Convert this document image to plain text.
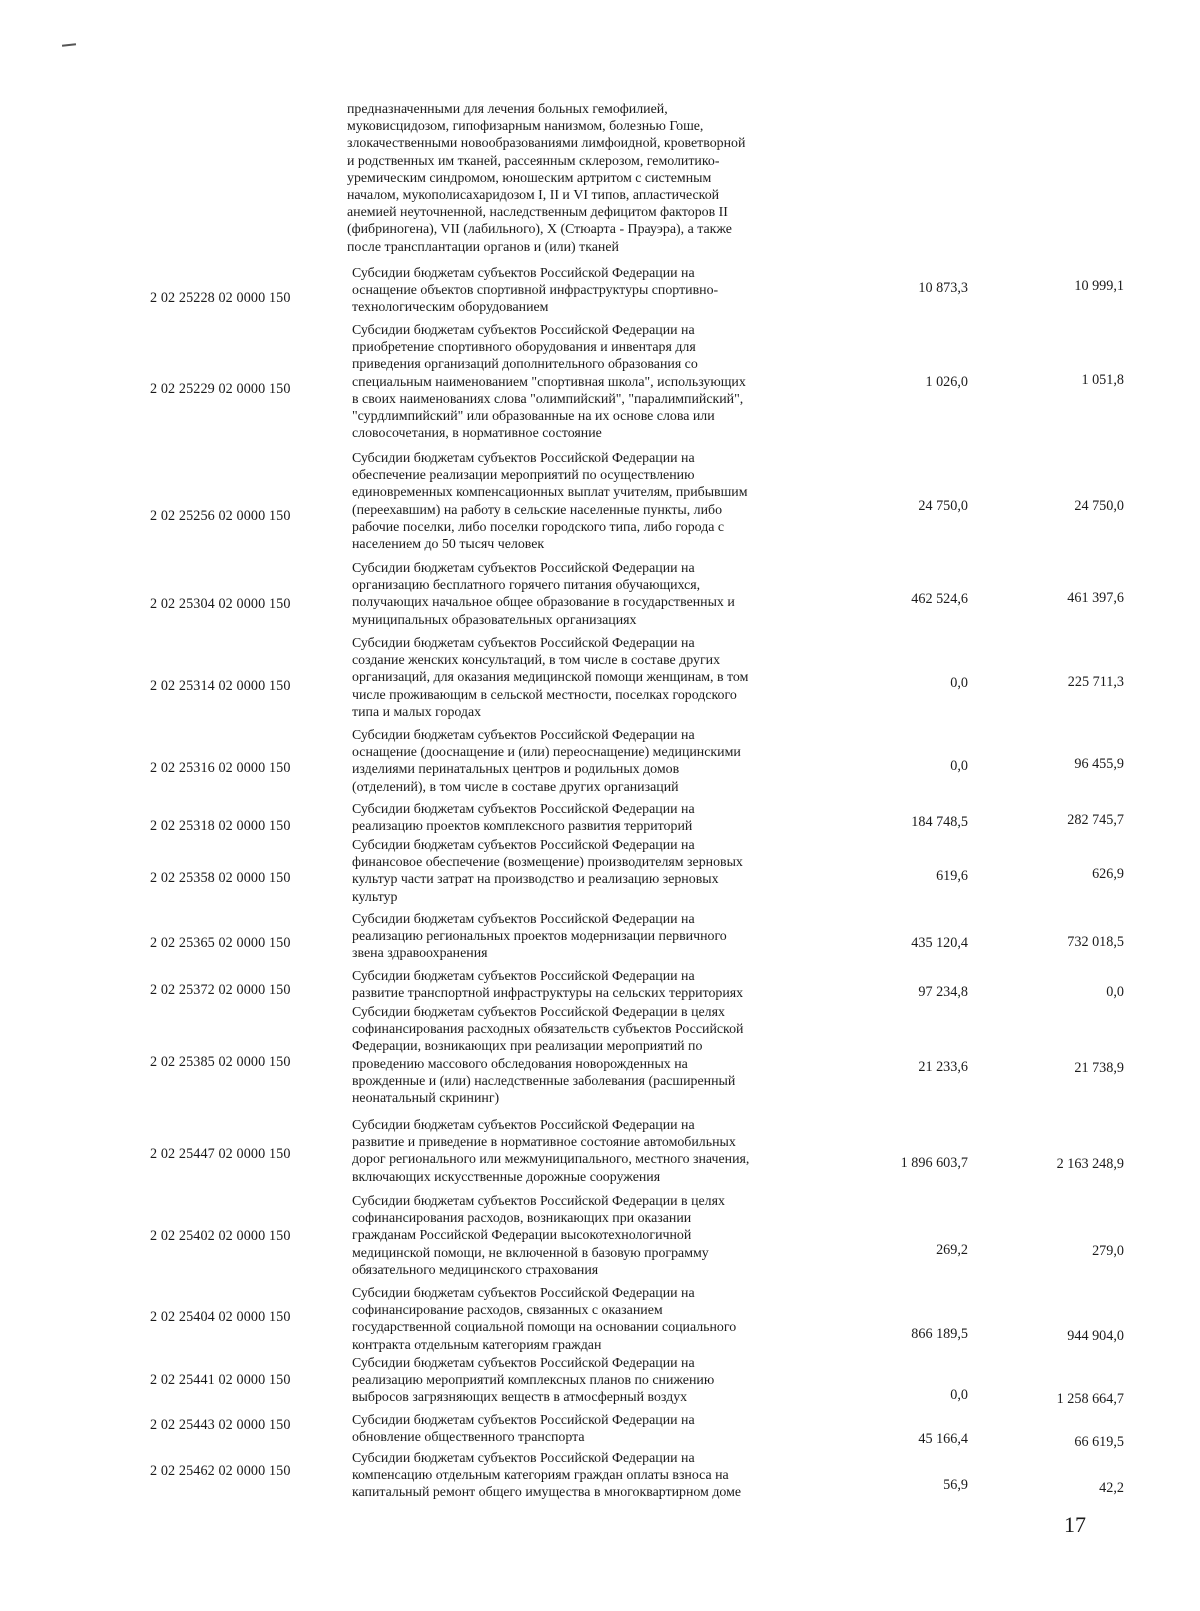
предназначенными для лечения больных гемофилией,
муковисцидозом, гипофизарным нанизмом, болезнью Гоше,
злокачественными новообразованиями лимфоидной, кроветворной
и родственных им тканей, рассеянным склерозом, гемолитико-
уремическим синдромом, юношеским артритом с системным
началом, мукополисахаридозом I, II и VI типов, апластической
анемией неуточненной, наследственным дефицитом факторов II
(фибриногена), VII (лабильного), X (Стюарта - Прауэра), а также
после трансплантации органов и (или) тканей
2 02 25228 02 0000 150
Субсидии бюджетам субъектов Российской Федерации на
оснащение объектов спортивной инфраструктуры спортивно-
технологическим оборудованием
10 873,3	10 999,1
2 02 25229 02 0000 150
Субсидии бюджетам субъектов Российской Федерации на
приобретение спортивного оборудования и инвентаря для
приведения организаций дополнительного образования со
специальным наименованием "спортивная школа", использующих
в своих наименованиях слова "олимпийский", "паралимпийский",
"сурдлимпийский" или образованные на их основе слова или
словосочетания, в нормативное состояние
1 026,0	1 051,8
2 02 25256 02 0000 150
Субсидии бюджетам субъектов Российской Федерации на
обеспечение реализации мероприятий по осуществлению
единовременных компенсационных выплат учителям, прибывшим
(переехавшим) на работу в сельские населенные пункты, либо
рабочие поселки, либо поселки городского типа, либо города с
населением до 50 тысяч человек
24 750,0	24 750,0
2 02 25304 02 0000 150
Субсидии бюджетам субъектов Российской Федерации на
организацию бесплатного горячего питания обучающихся,
получающих начальное общее образование в государственных и
муниципальных образовательных организациях
462 524,6	461 397,6
2 02 25314 02 0000 150
Субсидии бюджетам субъектов Российской Федерации на
создание женских консультаций, в том числе в составе других
организаций, для оказания медицинской помощи женщинам, в том
числе проживающим в сельской местности, поселках городского
типа и малых городах
0,0	225 711,3
2 02 25316 02 0000 150
Субсидии бюджетам субъектов Российской Федерации на
оснащение (дооснащение и (или) переоснащение) медицинскими
изделиями перинатальных центров и родильных домов
(отделений), в том числе в составе других организаций
0,0	96 455,9
2 02 25318 02 0000 150
Субсидии бюджетам субъектов Российской Федерации на
реализацию проектов комплексного развития территорий	184 748,5	282 745,7
2 02 25358 02 0000 150
Субсидии бюджетам субъектов Российской Федерации на
финансовое обеспечение (возмещение) производителям зерновых
культур части затрат на производство и реализацию зерновых
культур
619,6	626,9
2 02 25365 02 0000 150
Субсидии бюджетам субъектов Российской Федерации на
реализацию региональных проектов модернизации первичного
звена здравоохранения
435 120,4	732 018,5
2 02 25372 02 0000 150
Субсидии бюджетам субъектов Российской Федерации на
развитие транспортной инфраструктуры на сельских территориях	97 234,8	0,0
2 02 25385 02 0000 150
Субсидии бюджетам субъектов Российской Федерации в целях
софинансирования расходных обязательств субъектов Российской
Федерации, возникающих при реализации мероприятий по
проведению массового обследования новорожденных на
врожденные и (или) наследственные заболевания (расширенный
неонатальный скрининг)
21 233,6	21 738,9
2 02 25447 02 0000 150
Субсидии бюджетам субъектов Российской Федерации на
развитие и приведение в нормативное состояние автомобильных
дорог регионального или межмуниципального, местного значения,
включающих искусственные дорожные сооружения
1 896 603,7	2 163 248,9
2 02 25402 02 0000 150
Субсидии бюджетам субъектов Российской Федерации в целях
софинансирования расходов, возникающих при оказании
гражданам Российской Федерации высокотехнологичной
медицинской помощи, не включенной в базовую программу
обязательного медицинского страхования
269,2	279,0
2 02 25404 02 0000 150
Субсидии бюджетам субъектов Российской Федерации на
софинансирование расходов, связанных с оказанием
государственной социальной помощи на основании социального
контракта отдельным категориям граждан
866 189,5	944 904,0
2 02 25441 02 0000 150
Субсидии бюджетам субъектов Российской Федерации на
реализацию мероприятий комплексных планов по снижению
выбросов загрязняющих веществ в атмосферный воздух	0,0	1 258 664,7
2 02 25443 02 0000 150	Субсидии бюджетам субъектов Российской Федерации на
обновление общественного транспорта	45 166,4	66 619,5
2 02 25462 02 0000 150
Субсидии бюджетам субъектов Российской Федерации на
компенсацию отдельным категориям граждан оплаты взноса на
капитальный ремонт общего имущества в многоквартирном доме	56,9	42,2
17
